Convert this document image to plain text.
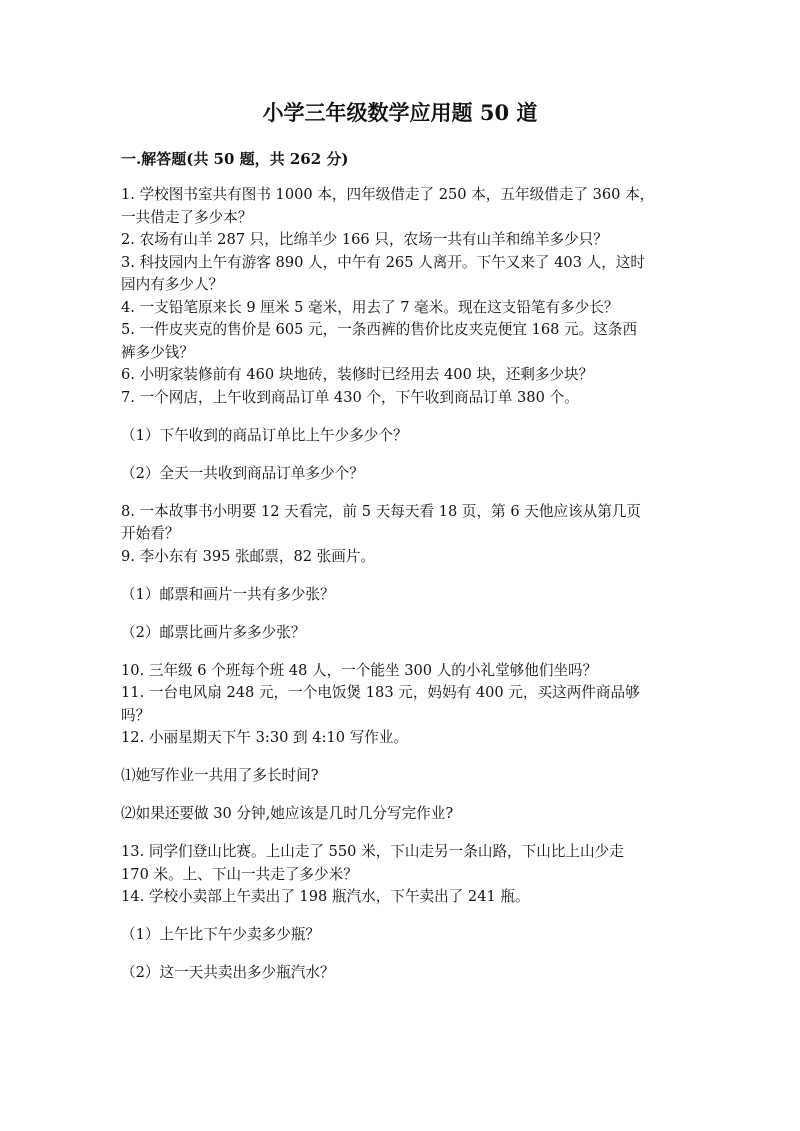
小学三年级数学应用题 50 道
一.解答题(共 50 题，共 262 分)
1. 学校图书室共有图书 1000 本，四年级借走了 250 本，五年级借走了 360 本，
一共借走了多少本？
2. 农场有山羊 287 只，比绵羊少 166 只，农场一共有山羊和绵羊多少只？
3. 科技园内上午有游客 890 人，中午有 265 人离开。下午又来了 403 人，这时
园内有多少人？
4. 一支铅笔原来长 9 厘米 5 毫米，用去了 7 毫米。现在这支铅笔有多少长？
5. 一件皮夹克的售价是 605 元，一条西裤的售价比皮夹克便宜 168 元。这条西
裤多少钱？
6. 小明家装修前有 460 块地砖，装修时已经用去 400 块，还剩多少块？
7. 一个网店，上午收到商品订单 430 个，下午收到商品订单 380 个。
（1）下午收到的商品订单比上午少多少个？
（2）全天一共收到商品订单多少个？
8. 一本故事书小明要 12 天看完，前 5 天每天看 18 页，第 6 天他应该从第几页
开始看？
9. 李小东有 395 张邮票，82 张画片。
（1）邮票和画片一共有多少张？
（2）邮票比画片多多少张？
10. 三年级 6 个班每个班 48 人，一个能坐 300 人的小礼堂够他们坐吗？
11. 一台电风扇 248 元，一个电饭煲 183 元，妈妈有 400 元，买这两件商品够
吗？
12. 小丽星期天下午 3:30 到 4:10 写作业。
⑴她写作业一共用了多长时间?
⑵如果还要做 30 分钟,她应该是几时几分写完作业?
13. 同学们登山比赛。上山走了 550 米，下山走另一条山路，下山比上山少走
170 米。上、下山一共走了多少米？
14. 学校小卖部上午卖出了 198 瓶汽水，下午卖出了 241 瓶。
（1）上午比下午少卖多少瓶？
（2）这一天共卖出多少瓶汽水？
